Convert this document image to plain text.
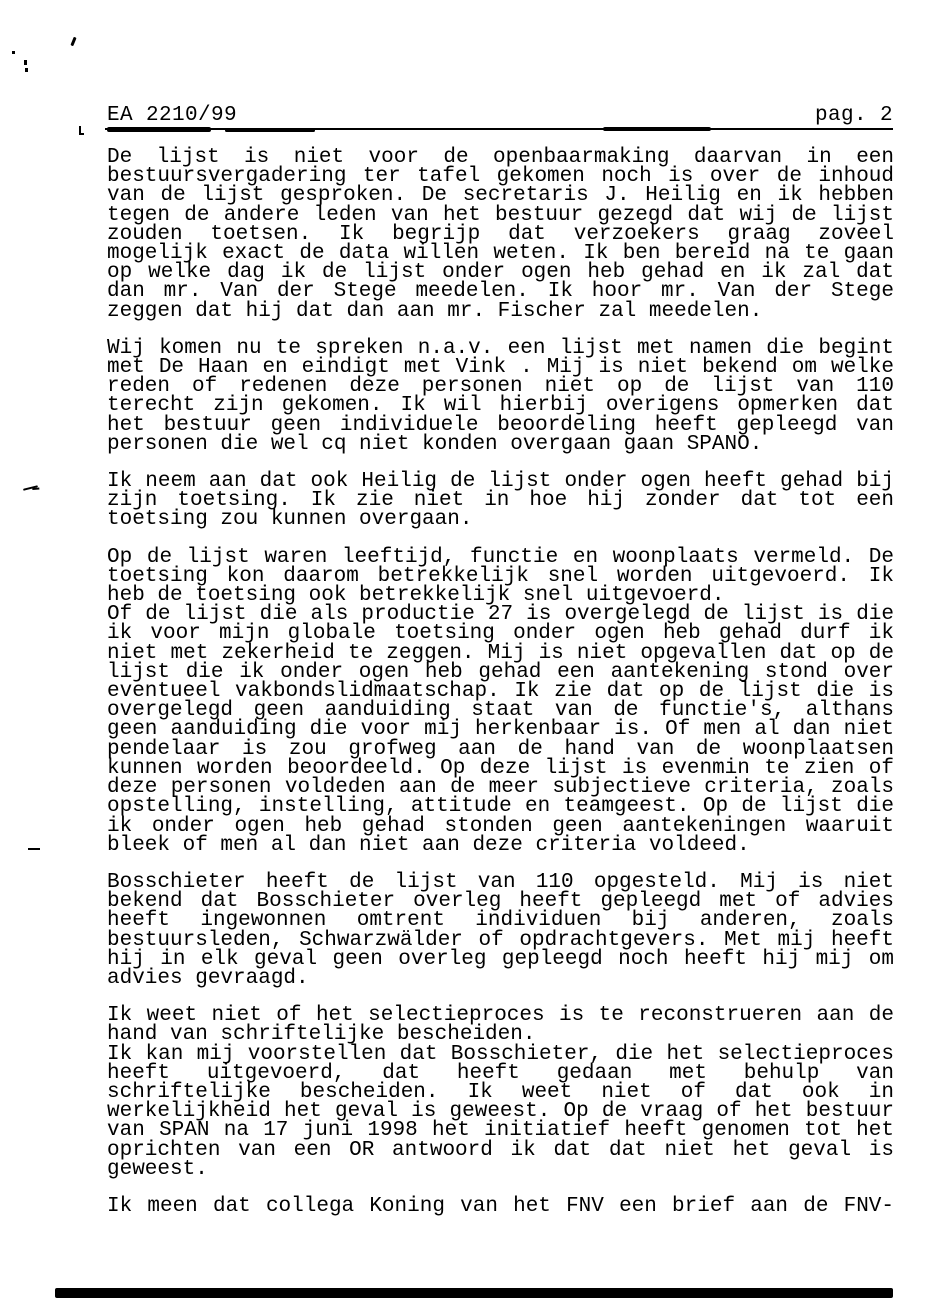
EA 2210/99	pag. 2
De lijst is niet voor de openbaarmaking daarvan in een
bestuursvergadering ter tafel gekomen noch is over de inhoud
van de lijst gesproken. De secretaris J. Heilig en ik hebben
tegen de andere leden van het bestuur gezegd dat wij de lijst
zouden toetsen. Ik begrijp dat verzoekers graag zoveel
mogelijk exact de data willen weten. Ik ben bereid na te gaan
op welke dag ik de lijst onder ogen heb gehad en ik zal dat
dan mr. Van der Stege meedelen. Ik hoor mr. Van der Stege
zeggen dat hij dat dan aan mr. Fischer zal meedelen.
Wij komen nu te spreken n.a.v. een lijst met namen die begint
met De Haan en eindigt met Vink . Mij is niet bekend om welke
reden of redenen deze personen niet op de lijst van 110
terecht zijn gekomen. Ik wil hierbij overigens opmerken dat
het bestuur geen individuele beoordeling heeft gepleegd van
personen die wel cq niet konden overgaan gaan SPANO.
Ik neem aan dat ook Heilig de lijst onder ogen heeft gehad bij
zijn toetsing. Ik zie niet in hoe hij zonder dat tot een
toetsing zou kunnen overgaan.
Op de lijst waren leeftijd, functie en woonplaats vermeld. De
toetsing kon daarom betrekkelijk snel worden uitgevoerd. Ik
heb de toetsing ook betrekkelijk snel uitgevoerd.
Of de lijst die als productie 27 is overgelegd de lijst is die
ik voor mijn globale toetsing onder ogen heb gehad durf ik
niet met zekerheid te zeggen. Mij is niet opgevallen dat op de
lijst die ik onder ogen heb gehad een aantekening stond over
eventueel vakbondslidmaatschap. Ik zie dat op de lijst die is
overgelegd geen aanduiding staat van de functie's, althans
geen aanduiding die voor mij herkenbaar is. Of men al dan niet
pendelaar is zou grofweg aan de hand van de woonplaatsen
kunnen worden beoordeeld. Op deze lijst is evenmin te zien of
deze personen voldeden aan de meer subjectieve criteria, zoals
opstelling, instelling, attitude en teamgeest. Op de lijst die
ik onder ogen heb gehad stonden geen aantekeningen waaruit
bleek of men al dan niet aan deze criteria voldeed.
Bosschieter heeft de lijst van 110 opgesteld. Mij is niet
bekend dat Bosschieter overleg heeft gepleegd met of advies
heeft ingewonnen omtrent individuen bij anderen, zoals
bestuursleden, Schwarzwälder of opdrachtgevers. Met mij heeft
hij in elk geval geen overleg gepleegd noch heeft hij mij om
advies gevraagd.
Ik weet niet of het selectieproces is te reconstrueren aan de
hand van schriftelijke bescheiden.
Ik kan mij voorstellen dat Bosschieter, die het selectieproces
heeft uitgevoerd, dat heeft gedaan met behulp van
schriftelijke bescheiden. Ik weet niet of dat ook in
werkelijkheid het geval is geweest. Op de vraag of het bestuur
van SPAN na 17 juni 1998 het initiatief heeft genomen tot het
oprichten van een OR antwoord ik dat dat niet het geval is
geweest.
Ik meen dat collega Koning van het FNV een brief aan de FNV-
